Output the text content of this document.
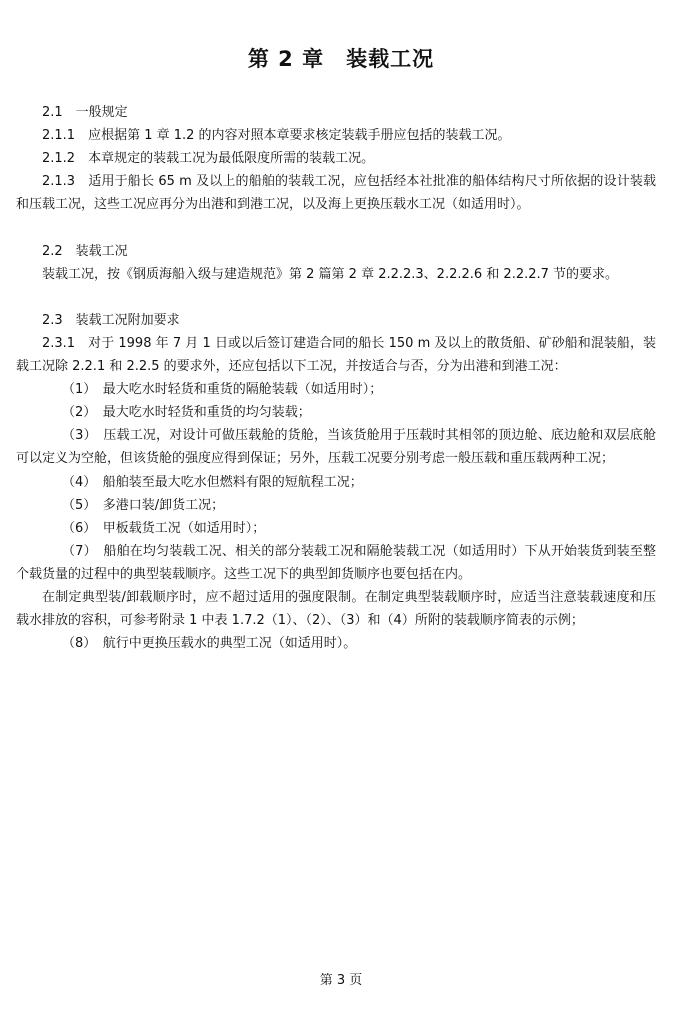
第 2 章　装载工况

2.1　一般规定

2.1.1　应根据第 1 章 1.2 的内容对照本章要求核定装载手册应包括的装载工况。

2.1.2　本章规定的装载工况为最低限度所需的装载工况。

2.1.3　适用于船长 65 m 及以上的船舶的装载工况，应包括经本社批准的船体结构尺寸所依据的设计装载和压载工况，这些工况应再分为出港和到港工况，以及海上更换压载水工况（如适用时）。

2.2　装载工况

装载工况，按《钢质海船入级与建造规范》第 2 篇第 2 章 2.2.2.3、2.2.2.6 和 2.2.2.7 节的要求。

2.3　装载工况附加要求

2.3.1　对于 1998 年 7 月 1 日或以后签订建造合同的船长 150 m 及以上的散货船、矿砂船和混装船，装载工况除 2.2.1 和 2.2.5 的要求外，还应包括以下工况，并按适合与否，分为出港和到港工况：

（1）　最大吃水时轻货和重货的隔舱装载（如适用时）；

（2）　最大吃水时轻货和重货的均匀装载；

（3）　压载工况，对设计可做压载舱的货舱，当该货舱用于压载时其相邻的顶边舱、底边舱和双层底舱可以定义为空舱，但该货舱的强度应得到保证；另外，压载工况要分别考虑一般压载和重压载两种工况；

（4）　船舶装至最大吃水但燃料有限的短航程工况；

（5）　多港口装/卸货工况；

（6）　甲板载货工况（如适用时）；

（7）　船舶在均匀装载工况、相关的部分装载工况和隔舱装载工况（如适用时）下从开始装货到装至整个载货量的过程中的典型装载顺序。这些工况下的典型卸货顺序也要包括在内。

在制定典型装/卸载顺序时，应不超过适用的强度限制。在制定典型装载顺序时，应适当注意装载速度和压载水排放的容积，可参考附录 1 中表 1.7.2（1）、（2）、（3）和（4）所附的装载顺序简表的示例；

（8）　航行中更换压载水的典型工况（如适用时）。

第 3 页
